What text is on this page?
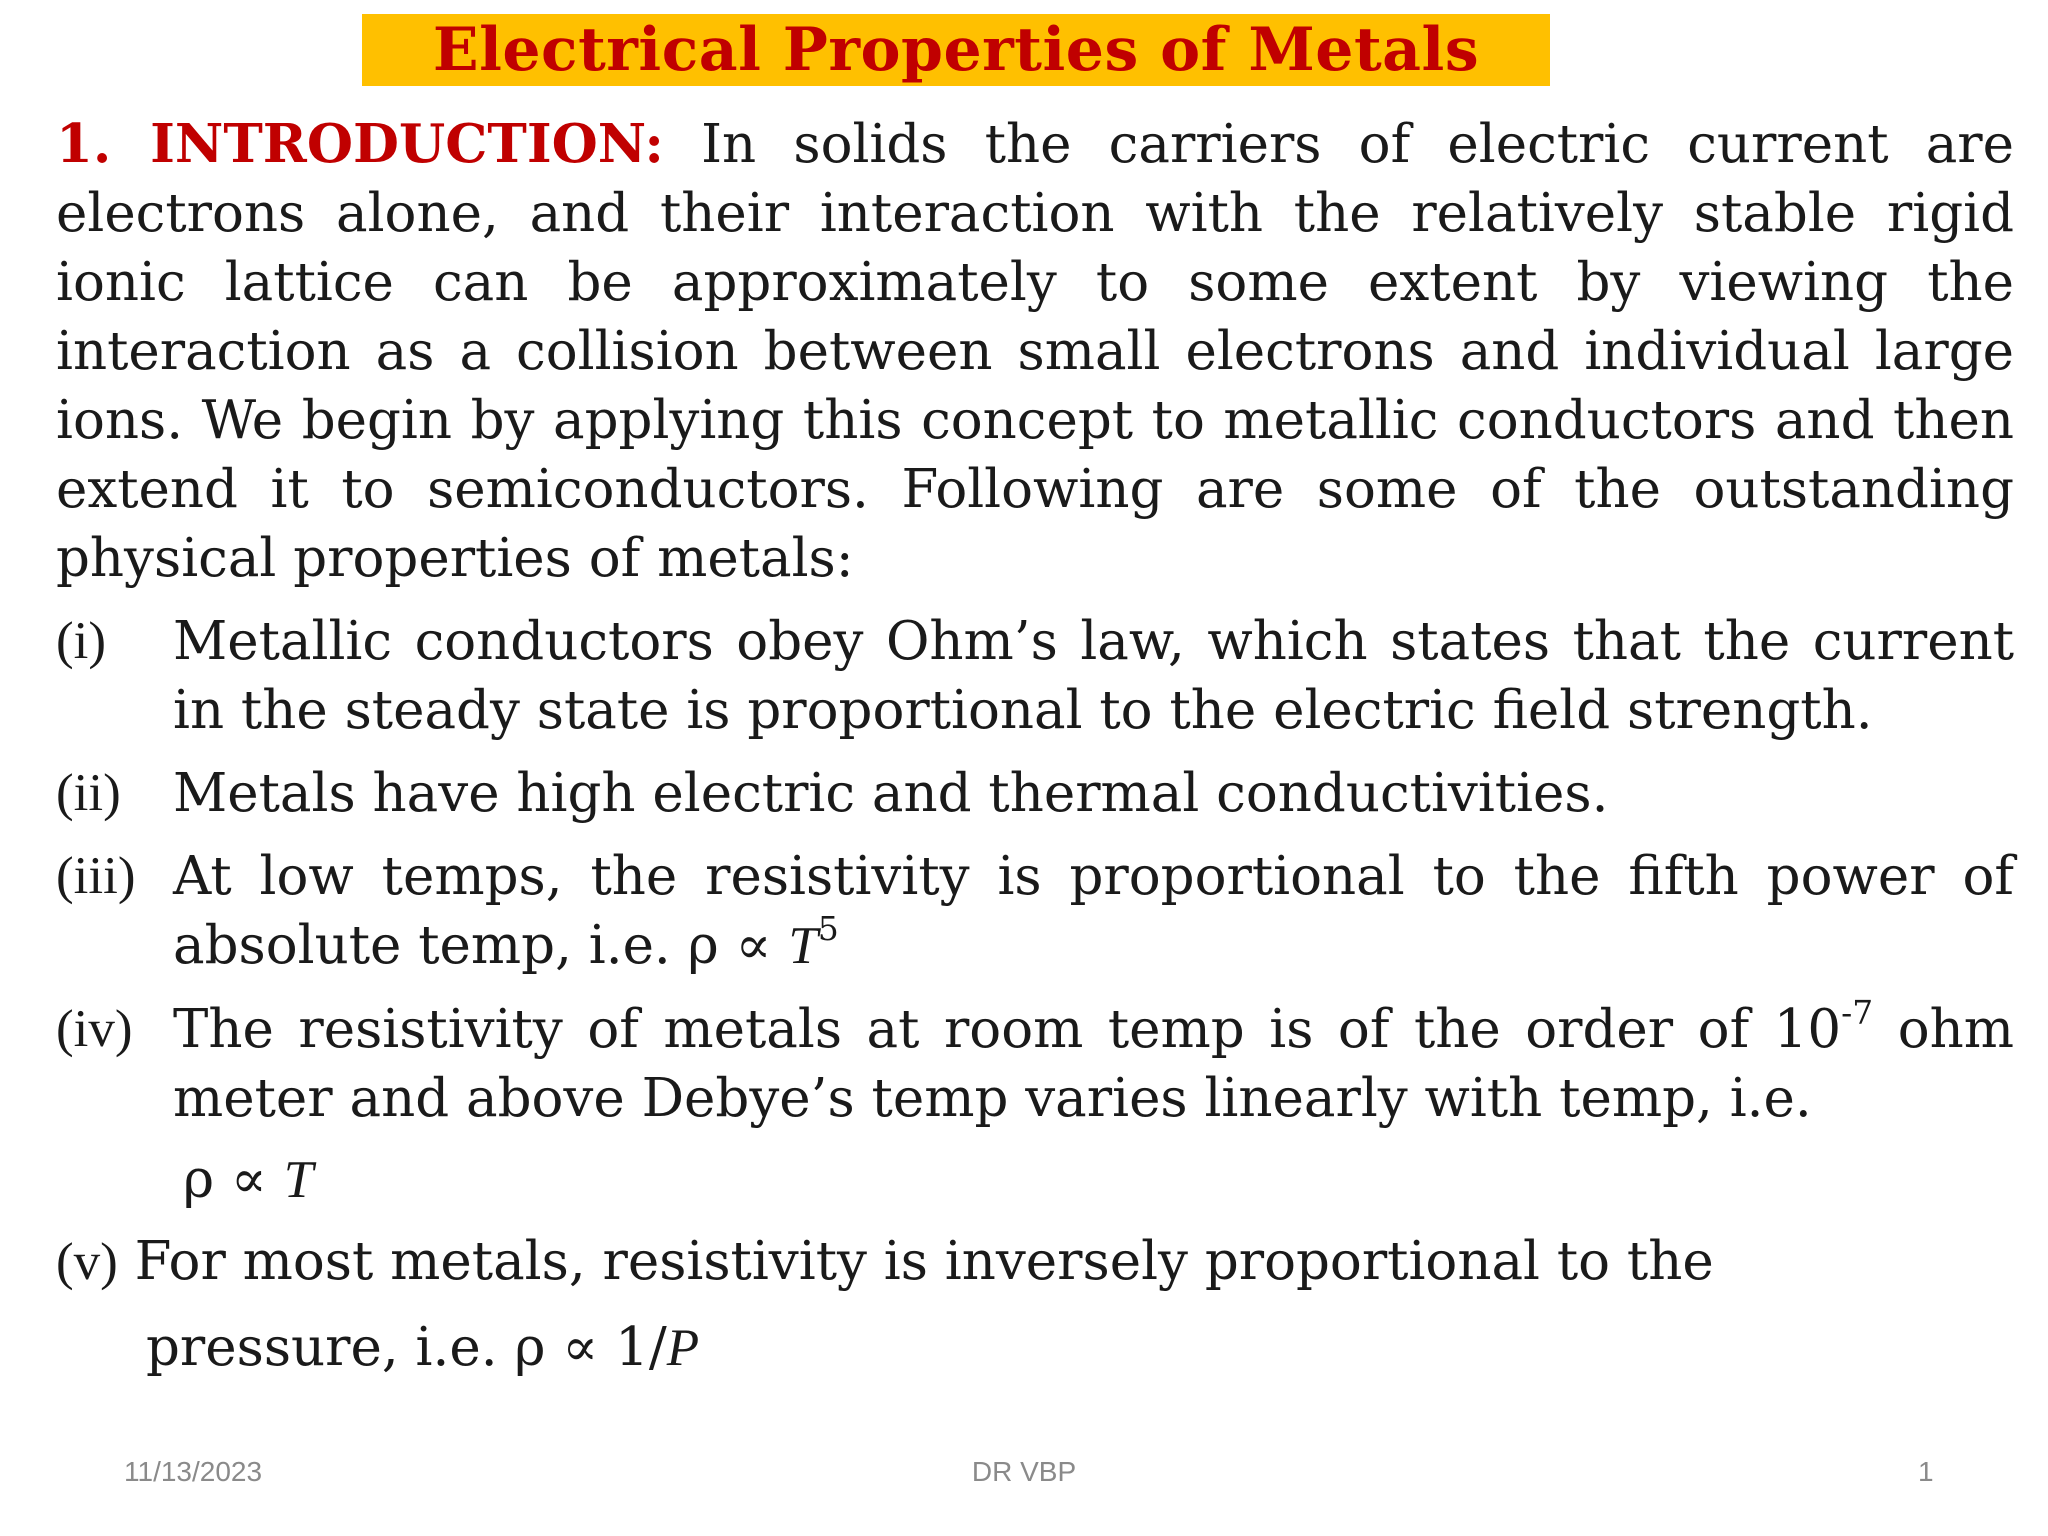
Electrical Properties of Metals

1. INTRODUCTION: In solids the carriers of electric current are electrons alone, and their interaction with the relatively stable rigid ionic lattice can be approximately to some extent by viewing the interaction as a collision between small electrons and individual large ions. We begin by applying this concept to metallic conductors and then extend it to semiconductors. Following are some of the outstanding physical properties of metals:

(i) Metallic conductors obey Ohm’s law, which states that the current in the steady state is proportional to the electric field strength.
(ii) Metals have high electric and thermal conductivities.
(iii) At low temps, the resistivity is proportional to the fifth power of absolute temp, i.e. $\rho \propto T^5$
(iv) The resistivity of metals at room temp is of the order of $10^{-7}$ ohm meter and above Debye’s temp varies linearly with temp, i.e.
ρ ∝ T
(v) For most metals, resistivity is inversely proportional to the
pressure, i.e. ρ ∝ 1/P
11/13/2023	DR VBP	1
